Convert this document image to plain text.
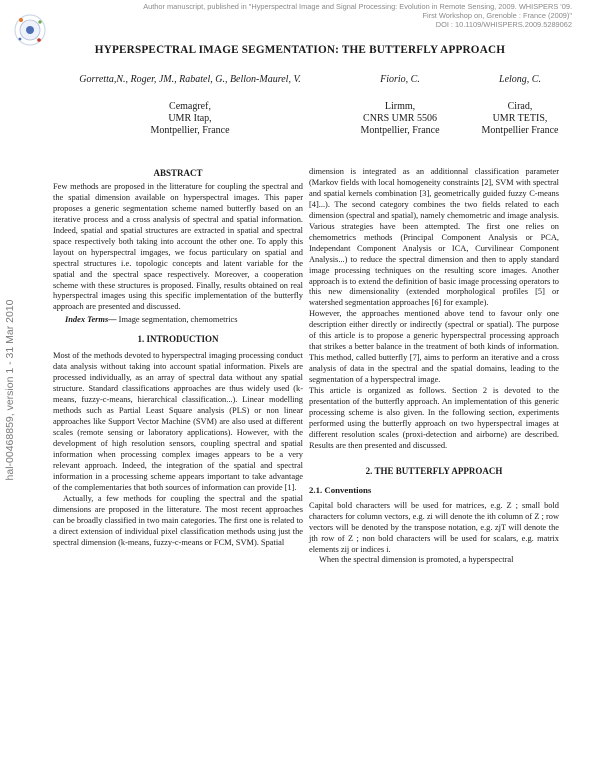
Author manuscript, published in "Hyperspectral Image and Signal Processing: Evolution in Remote Sensing, 2009. WHISPERS '09.
First Workshop on, Grenoble : France (2009)"
DOI : 10.1109/WHISPERS.2009.5289062
hal-00468859, version 1 - 31 Mar 2010
HYPERSPECTRAL IMAGE SEGMENTATION: THE BUTTERFLY APPROACH
Gorretta,N., Roger, JM., Rabatel, G., Bellon-Maurel, V.	Fiorio, C.	Lelong, C.
Cemagref,
UMR Itap,
Montpellier, France
Lirmm,
CNRS UMR 5506
Montpellier, France
Cirad,
UMR TETIS,
Montpellier France
ABSTRACT

Few methods are proposed in the litterature for coupling the spectral and the spatial dimension available on hyperspectral images. This paper proposes a generic segmentation scheme named butterfly based on an iterative process and a cross analysis of spectral and spatial information. Indeed, spatial and spatial structures are extracted in spatial and spectral space respectively both taking into account the other one. To apply this layout on hyperspectral imgages, we focus particulary on spatial and spectral structures i.e. topologic concepts and latent variable for the spatial and the spectral space respectively. Moreover, a cooperation scheme with these structures is proposed. Finally, results obtained on real hyperspectral images using this specific implementation of the butterfly approach are presented and discussed.

Index Terms— Image segmentation, chemometrics

1. INTRODUCTION

Most of the methods devoted to hyperspectral imaging processing conduct data analysis without taking into account spatial information. Pixels are processed individually, as an array of spectral data without any spatial structure. Standard classifications approaches are thus widely used (k-means, fuzzy-c-means, hierarchical classification...). Linear modelling methods such as Partial Least Square analysis (PLS) or non linear approaches like Support Vector Machine (SVM) are also used at different scales (remote sensing or laboratory applications). However, with the development of high resolution sensors, coupling spectral and spatial information when processing complex images appears to be a very relevant approach. Indeed, the integration of the spatial and spectral information in a processing scheme appears important to take advantage of the complementaries that both sources of information can provide [1].

Actually, a few methods for coupling the spectral and the spatial dimensions are proposed in the litterature. The most recent approaches can be broadly classified in two main categories. The first one is related to a direct extension of individual pixel classification methods using just the spectral dimension (k-means, fuzzy-c-means or FCM, SVM). Spatial

dimension is integrated as an additionnal classification parameter (Markov fields with local homogeneity constraints [2], SVM with spectral and spatial kernels combination [3], geometrically guided fuzzy C-means [4]...). The second category combines the two fields related to each dimension (spectral and spatial), namely chemometric and image analysis. Various strategies have been attempted. The first one relies on chemometrics methods (Principal Component Analysis or PCA, Independant Component Analysis or ICA, Curvilinear Component Analysis...) to reduce the spectral dimension and then to apply standard image processing techniques on the resulting score images. Another approach is to extend the definition of basic image processing operators to this new dimensionality (extended morphological profiles [5] or watershed segmentation approaches [6] for example).

However, the approaches mentioned above tend to favour only one description either directly or indirectly (spectral or spatial). The purpose of this article is to propose a generic hyperspectral processing approach that strikes a better balance in the treatment of both kinds of information. This method, called butterfly [7], aims to perform an iterative and a cross analysis of data in the spectral and the spatial domains, leading to the segmentation of a hyperspectral image.

This article is organized as follows. Section 2 is devoted to the presentation of the butterfly approach. An implementation of this generic processing scheme is also given. In the following section, experiments performed using the butterfly approach on two hyperspectral images at different resolution scales (proxi-detection and airborne) are described. Results are then presented and discussed.

2. THE BUTTERFLY APPROACH
2.1. Conventions

Capital bold characters will be used for matrices, e.g. Z ; small bold characters for column vectors, e.g. zi will denote the ith column of Z ; row vectors will be denoted by the transpose notation, e.g. zjT will denote the jth row of Z ; non bold characters will be used for scalars, e.g. matrix elements zij or indices i.

When the spectral dimension is promoted, a hyperspectral
